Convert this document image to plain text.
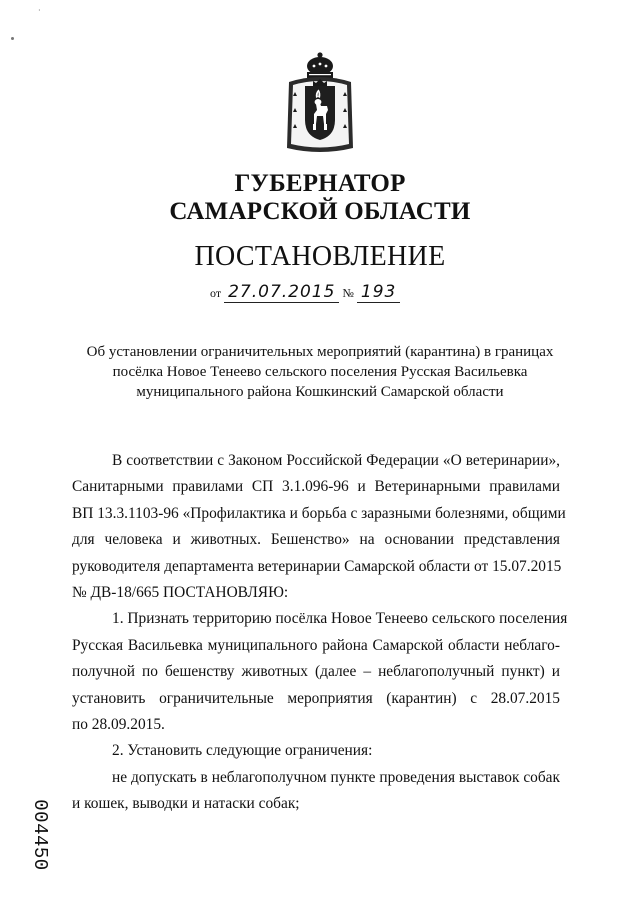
·
ГУБЕРНАТОР
САМАРСКОЙ ОБЛАСТИ
ПОСТАНОВЛЕНИЕ
от 27.07.2015 № 193
Об установлении ограничительных мероприятий (карантина) в границах
посёлка Новое Тенеево сельского поселения Русская Васильевка
муниципального района Кошкинский Самарской области
В соответствии с Законом Российской Федерации «О ветеринарии»,
Санитарными правилами СП 3.1.096-96 и Ветеринарными правилами
ВП 13.3.1103-96 «Профилактика и борьба с заразными болезнями, общими
для человека и животных. Бешенство» на основании представления
руководителя департамента ветеринарии Самарской области от 15.07.2015
№ ДВ-18/665 ПОСТАНОВЛЯЮ:
1. Признать территорию посёлка Новое Тенеево сельского поселения
Русская Васильевка муниципального района Самарской области неблаго-
получной по бешенству животных (далее – неблагополучный пункт) и
установить ограничительные мероприятия (карантин) с 28.07.2015
по 28.09.2015.
2. Установить следующие ограничения:
не допускать в неблагополучном пункте проведения выставок собак
и кошек, выводки и натаски собак;
004450
